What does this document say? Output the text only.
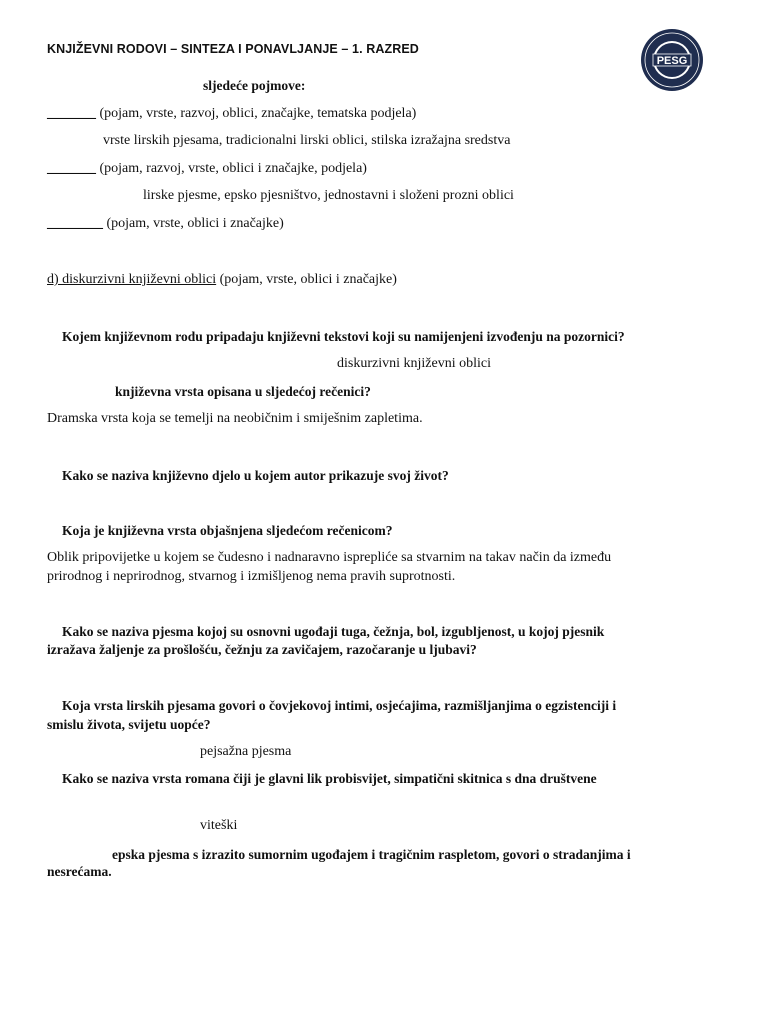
KNJIŽEVNI RODOVI – SINTEZA I PONAVLJANJE – 1. RAZRED
PESG
sljedeće pojmove:
_______ (pojam, vrste, razvoj, oblici, značajke, tematska podjela)
vrste lirskih pjesama, tradicionalni lirski oblici, stilska izražajna sredstva
_______ (pojam, razvoj, vrste, oblici i značajke, podjela)
lirske pjesme, epsko pjesništvo, jednostavni i složeni prozni oblici
________ (pojam, vrste, oblici i značajke)
d) diskurzivni književni oblici (pojam, vrste, oblici i značajke)
Kojem književnom rodu pripadaju književni tekstovi koji su namijenjeni izvođenju na pozornici?
diskurzivni književni oblici
književna vrsta opisana u sljedećoj rečenici?
Dramska vrsta koja se temelji na neobičnim i smiješnim zapletima.
Kako se naziva književno djelo u kojem autor prikazuje svoj život?
Koja je književna vrsta objašnjena sljedećom rečenicom?
Oblik pripovijetke u kojem se čudesno i nadnaravno isprepliće sa stvarnim na takav način da između
prirodnog i neprirodnog, stvarnog i izmišljenog nema pravih suprotnosti.
Kako se naziva pjesma kojoj su osnovni ugođaji tuga, čežnja, bol, izgubljenost, u kojoj pjesnik
izražava žaljenje za prošlošću, čežnju za zavičajem, razočaranje u ljubavi?
Koja vrsta lirskih pjesama govori o čovjekovoj intimi, osjećajima, razmišljanjima o egzistenciji i
smislu života, svijetu uopće?
pejsažna pjesma
Kako se naziva vrsta romana čiji je glavni lik probisvijet, simpatični skitnica s dna društvene
viteški
epska pjesma s izrazito sumornim ugođajem i tragičnim raspletom, govori o stradanjima i
nesrećama.
